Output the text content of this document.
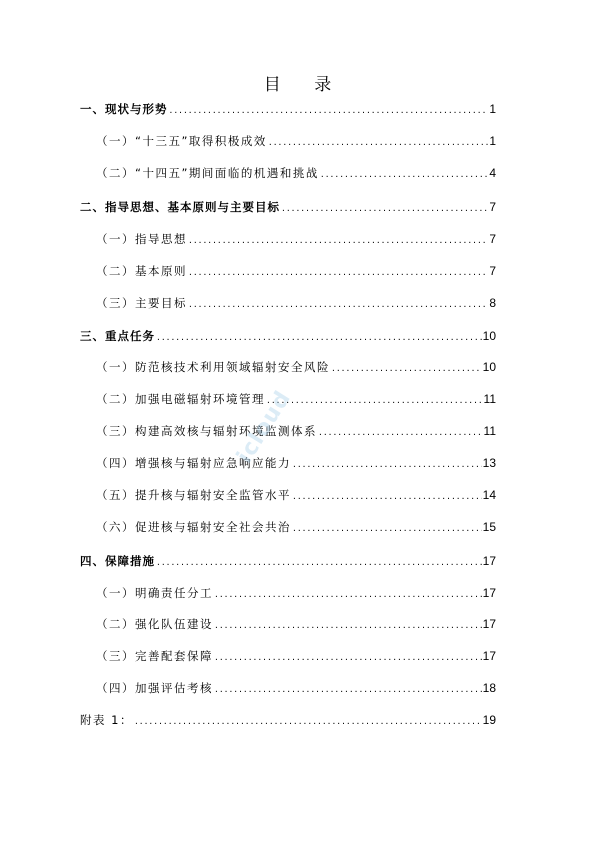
目 录
一、现状与形势 .....	1
（一）“十三五”取得积极成效 .....	1
（二）“十四五”期间面临的机遇和挑战 .....	4
二、指导思想、基本原则与主要目标 .....	7
（一）指导思想 .....	7
（二）基本原则 .....	7
（三）主要目标 .....	8
三、重点任务 .....	10
（一）防范核技术利用领域辐射安全风险 .....	10
（二）加强电磁辐射环境管理 .....	11
（三）构建高效核与辐射环境监测体系 .....	11
（四）增强核与辐射应急响应能力 .....	13
（五）提升核与辐射安全监管水平 .....	14
（六）促进核与辐射安全社会共治 .....	15
四、保障措施 .....	17
（一）明确责任分工 .....	17
（二）强化队伍建设 .....	17
（三）完善配套保障 .....	17
（四）加强评估考核 .....	18
附表 1： .....	19
icloud
